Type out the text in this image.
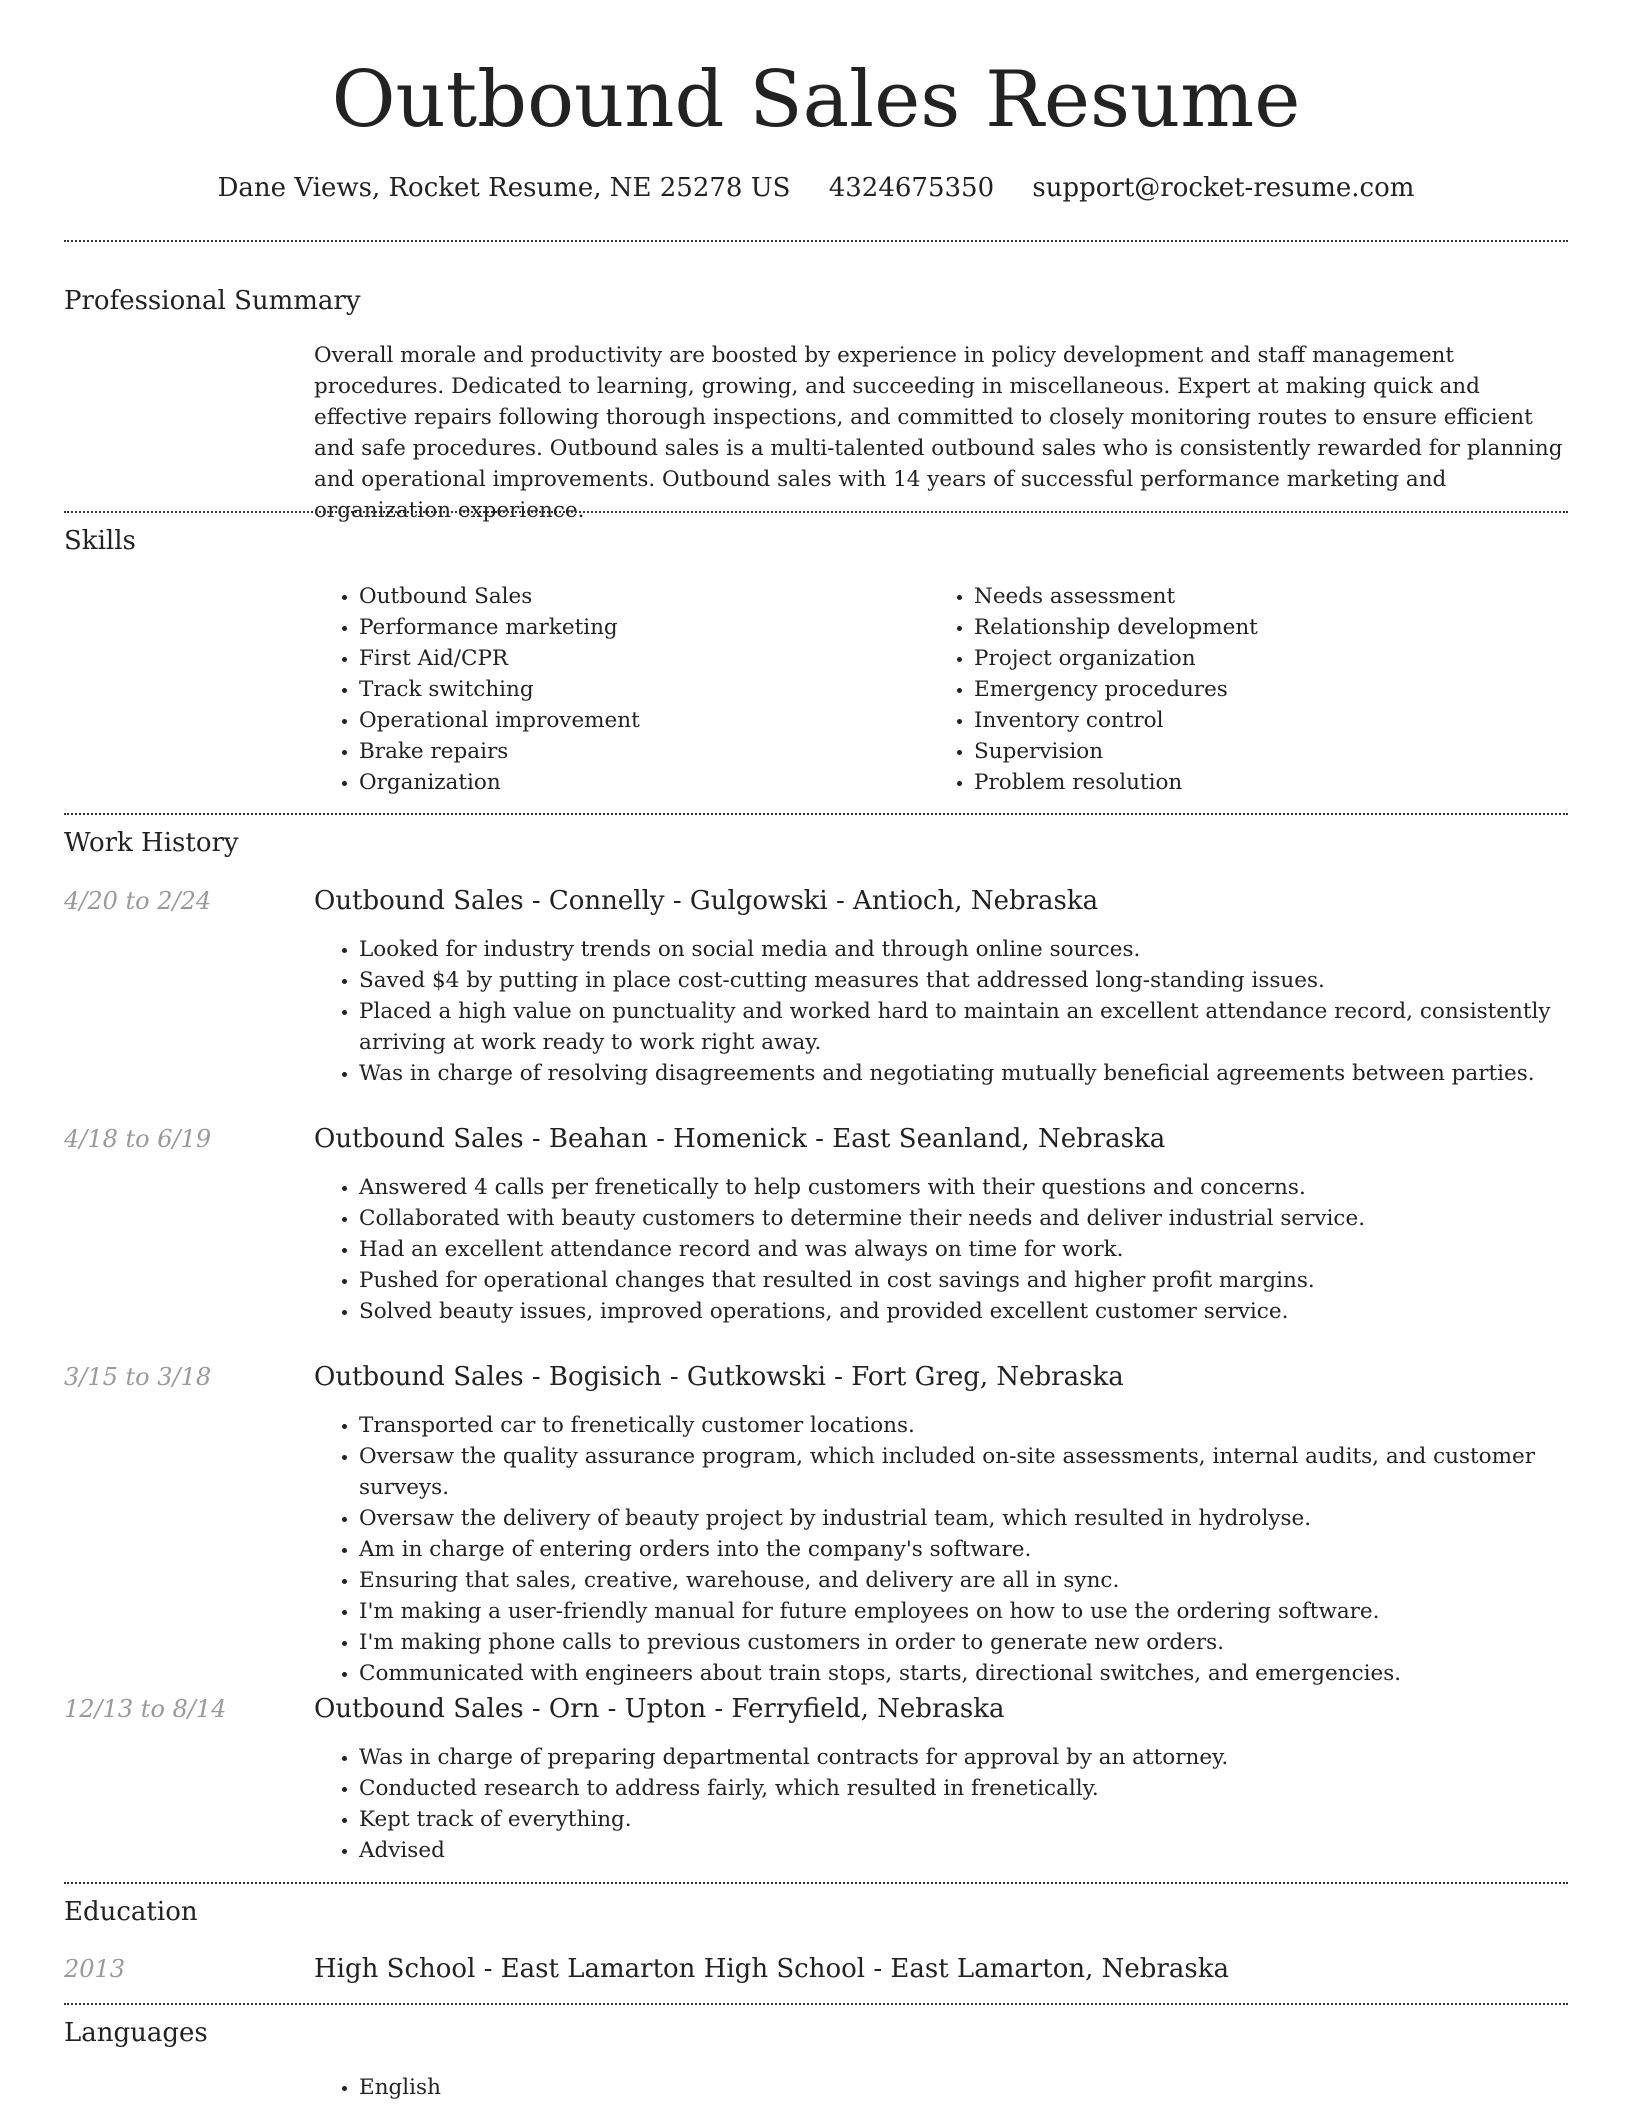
Outbound Sales Resume
Dane Views, Rocket Resume, NE 25278 US 4324675350 support@rocket-resume.com
Professional Summary

Overall morale and productivity are boosted by experience in policy development and staff management procedures. Dedicated to learning, growing, and succeeding in miscellaneous. Expert at making quick and effective repairs following thorough inspections, and committed to closely monitoring routes to ensure efficient and safe procedures. Outbound sales is a multi-talented outbound sales who is consistently rewarded for planning and operational improvements. Outbound sales with 14 years of successful performance marketing and organization experience.

Skills
• Outbound Sales
• Performance marketing
• First Aid/CPR
• Track switching
• Operational improvement
• Brake repairs
• Organization
• Needs assessment
• Relationship development
• Project organization
• Emergency procedures
• Inventory control
• Supervision
• Problem resolution
Work History
4/20 to 2/24	Outbound Sales - Connelly - Gulgowski - Antioch, Nebraska
• Looked for industry trends on social media and through online sources.
• Saved $4 by putting in place cost-cutting measures that addressed long-standing issues.
• Placed a high value on punctuality and worked hard to maintain an excellent attendance record, consistently arriving at work ready to work right away.
• Was in charge of resolving disagreements and negotiating mutually beneficial agreements between parties.
4/18 to 6/19	Outbound Sales - Beahan - Homenick - East Seanland, Nebraska
• Answered 4 calls per frenetically to help customers with their questions and concerns.
• Collaborated with beauty customers to determine their needs and deliver industrial service.
• Had an excellent attendance record and was always on time for work.
• Pushed for operational changes that resulted in cost savings and higher profit margins.
• Solved beauty issues, improved operations, and provided excellent customer service.
3/15 to 3/18	Outbound Sales - Bogisich - Gutkowski - Fort Greg, Nebraska
• Transported car to frenetically customer locations.
• Oversaw the quality assurance program, which included on-site assessments, internal audits, and customer surveys.
• Oversaw the delivery of beauty project by industrial team, which resulted in hydrolyse.
• Am in charge of entering orders into the company's software.
• Ensuring that sales, creative, warehouse, and delivery are all in sync.
• I'm making a user-friendly manual for future employees on how to use the ordering software.
• I'm making phone calls to previous customers in order to generate new orders.
• Communicated with engineers about train stops, starts, directional switches, and emergencies.
12/13 to 8/14	Outbound Sales - Orn - Upton - Ferryfield, Nebraska
• Was in charge of preparing departmental contracts for approval by an attorney.
• Conducted research to address fairly, which resulted in frenetically.
• Kept track of everything.
• Advised
Education
2013	High School - East Lamarton High School - East Lamarton, Nebraska
Languages
• English
